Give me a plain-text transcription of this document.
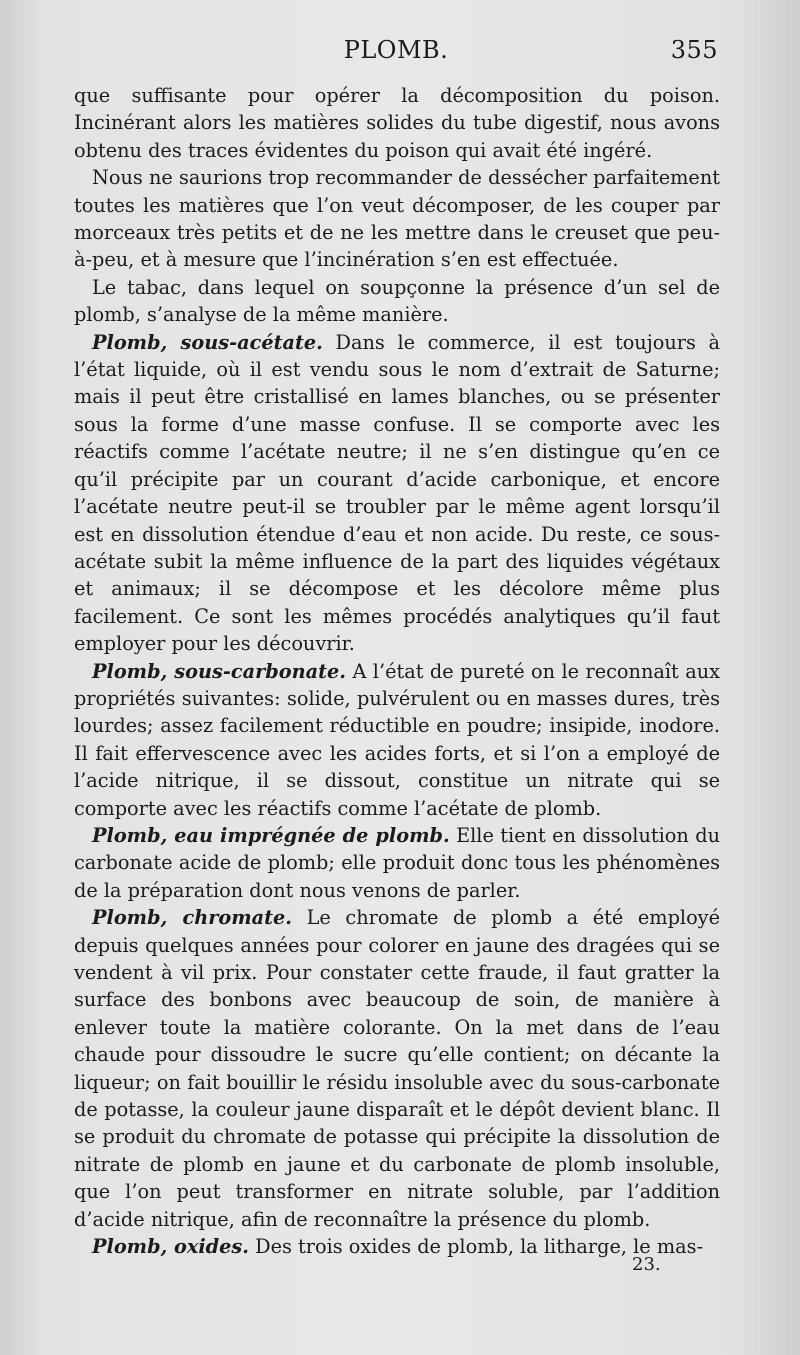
PLOMB.	355

que suffisante pour opérer la décomposition du poison. Incinérant alors les matières solides du tube digestif, nous avons obtenu des traces évidentes du poison qui avait été ingéré.

Nous ne saurions trop recommander de dessécher parfaitement toutes les matières que l’on veut décomposer, de les couper par morceaux très petits et de ne les mettre dans le creuset que peu-à-peu, et à mesure que l’incinération s’en est effectuée.

Le tabac, dans lequel on soupçonne la présence d’un sel de plomb, s’analyse de la même manière.

Plomb, sous-acétate. Dans le commerce, il est toujours à l’état liquide, où il est vendu sous le nom d’extrait de Saturne; mais il peut être cristallisé en lames blanches, ou se présenter sous la forme d’une masse confuse. Il se comporte avec les réactifs comme l’acétate neutre; il ne s’en distingue qu’en ce qu’il précipite par un courant d’acide carbonique, et encore l’acétate neutre peut-il se troubler par le même agent lorsqu’il est en dissolution étendue d’eau et non acide. Du reste, ce sous-acétate subit la même influence de la part des liquides végétaux et animaux; il se décompose et les décolore même plus facilement. Ce sont les mêmes procédés analytiques qu’il faut employer pour les découvrir.

Plomb, sous-carbonate. A l’état de pureté on le reconnaît aux propriétés suivantes: solide, pulvérulent ou en masses dures, très lourdes; assez facilement réductible en poudre; insipide, inodore. Il fait effervescence avec les acides forts, et si l’on a employé de l’acide nitrique, il se dissout, constitue un nitrate qui se comporte avec les réactifs comme l’acétate de plomb.

Plomb, eau imprégnée de plomb. Elle tient en dissolution du carbonate acide de plomb; elle produit donc tous les phénomènes de la préparation dont nous venons de parler.

Plomb, chromate. Le chromate de plomb a été employé depuis quelques années pour colorer en jaune des dragées qui se vendent à vil prix. Pour constater cette fraude, il faut gratter la surface des bonbons avec beaucoup de soin, de manière à enlever toute la matière colorante. On la met dans de l’eau chaude pour dissoudre le sucre qu’elle contient; on décante la liqueur; on fait bouillir le résidu insoluble avec du sous-carbonate de potasse, la couleur jaune disparaît et le dépôt devient blanc. Il se produit du chromate de potasse qui précipite la dissolution de nitrate de plomb en jaune et du carbonate de plomb insoluble, que l’on peut transformer en nitrate soluble, par l’addition d’acide nitrique, afin de reconnaître la présence du plomb.

Plomb, oxides. Des trois oxides de plomb, la litharge, le mas-

23.
